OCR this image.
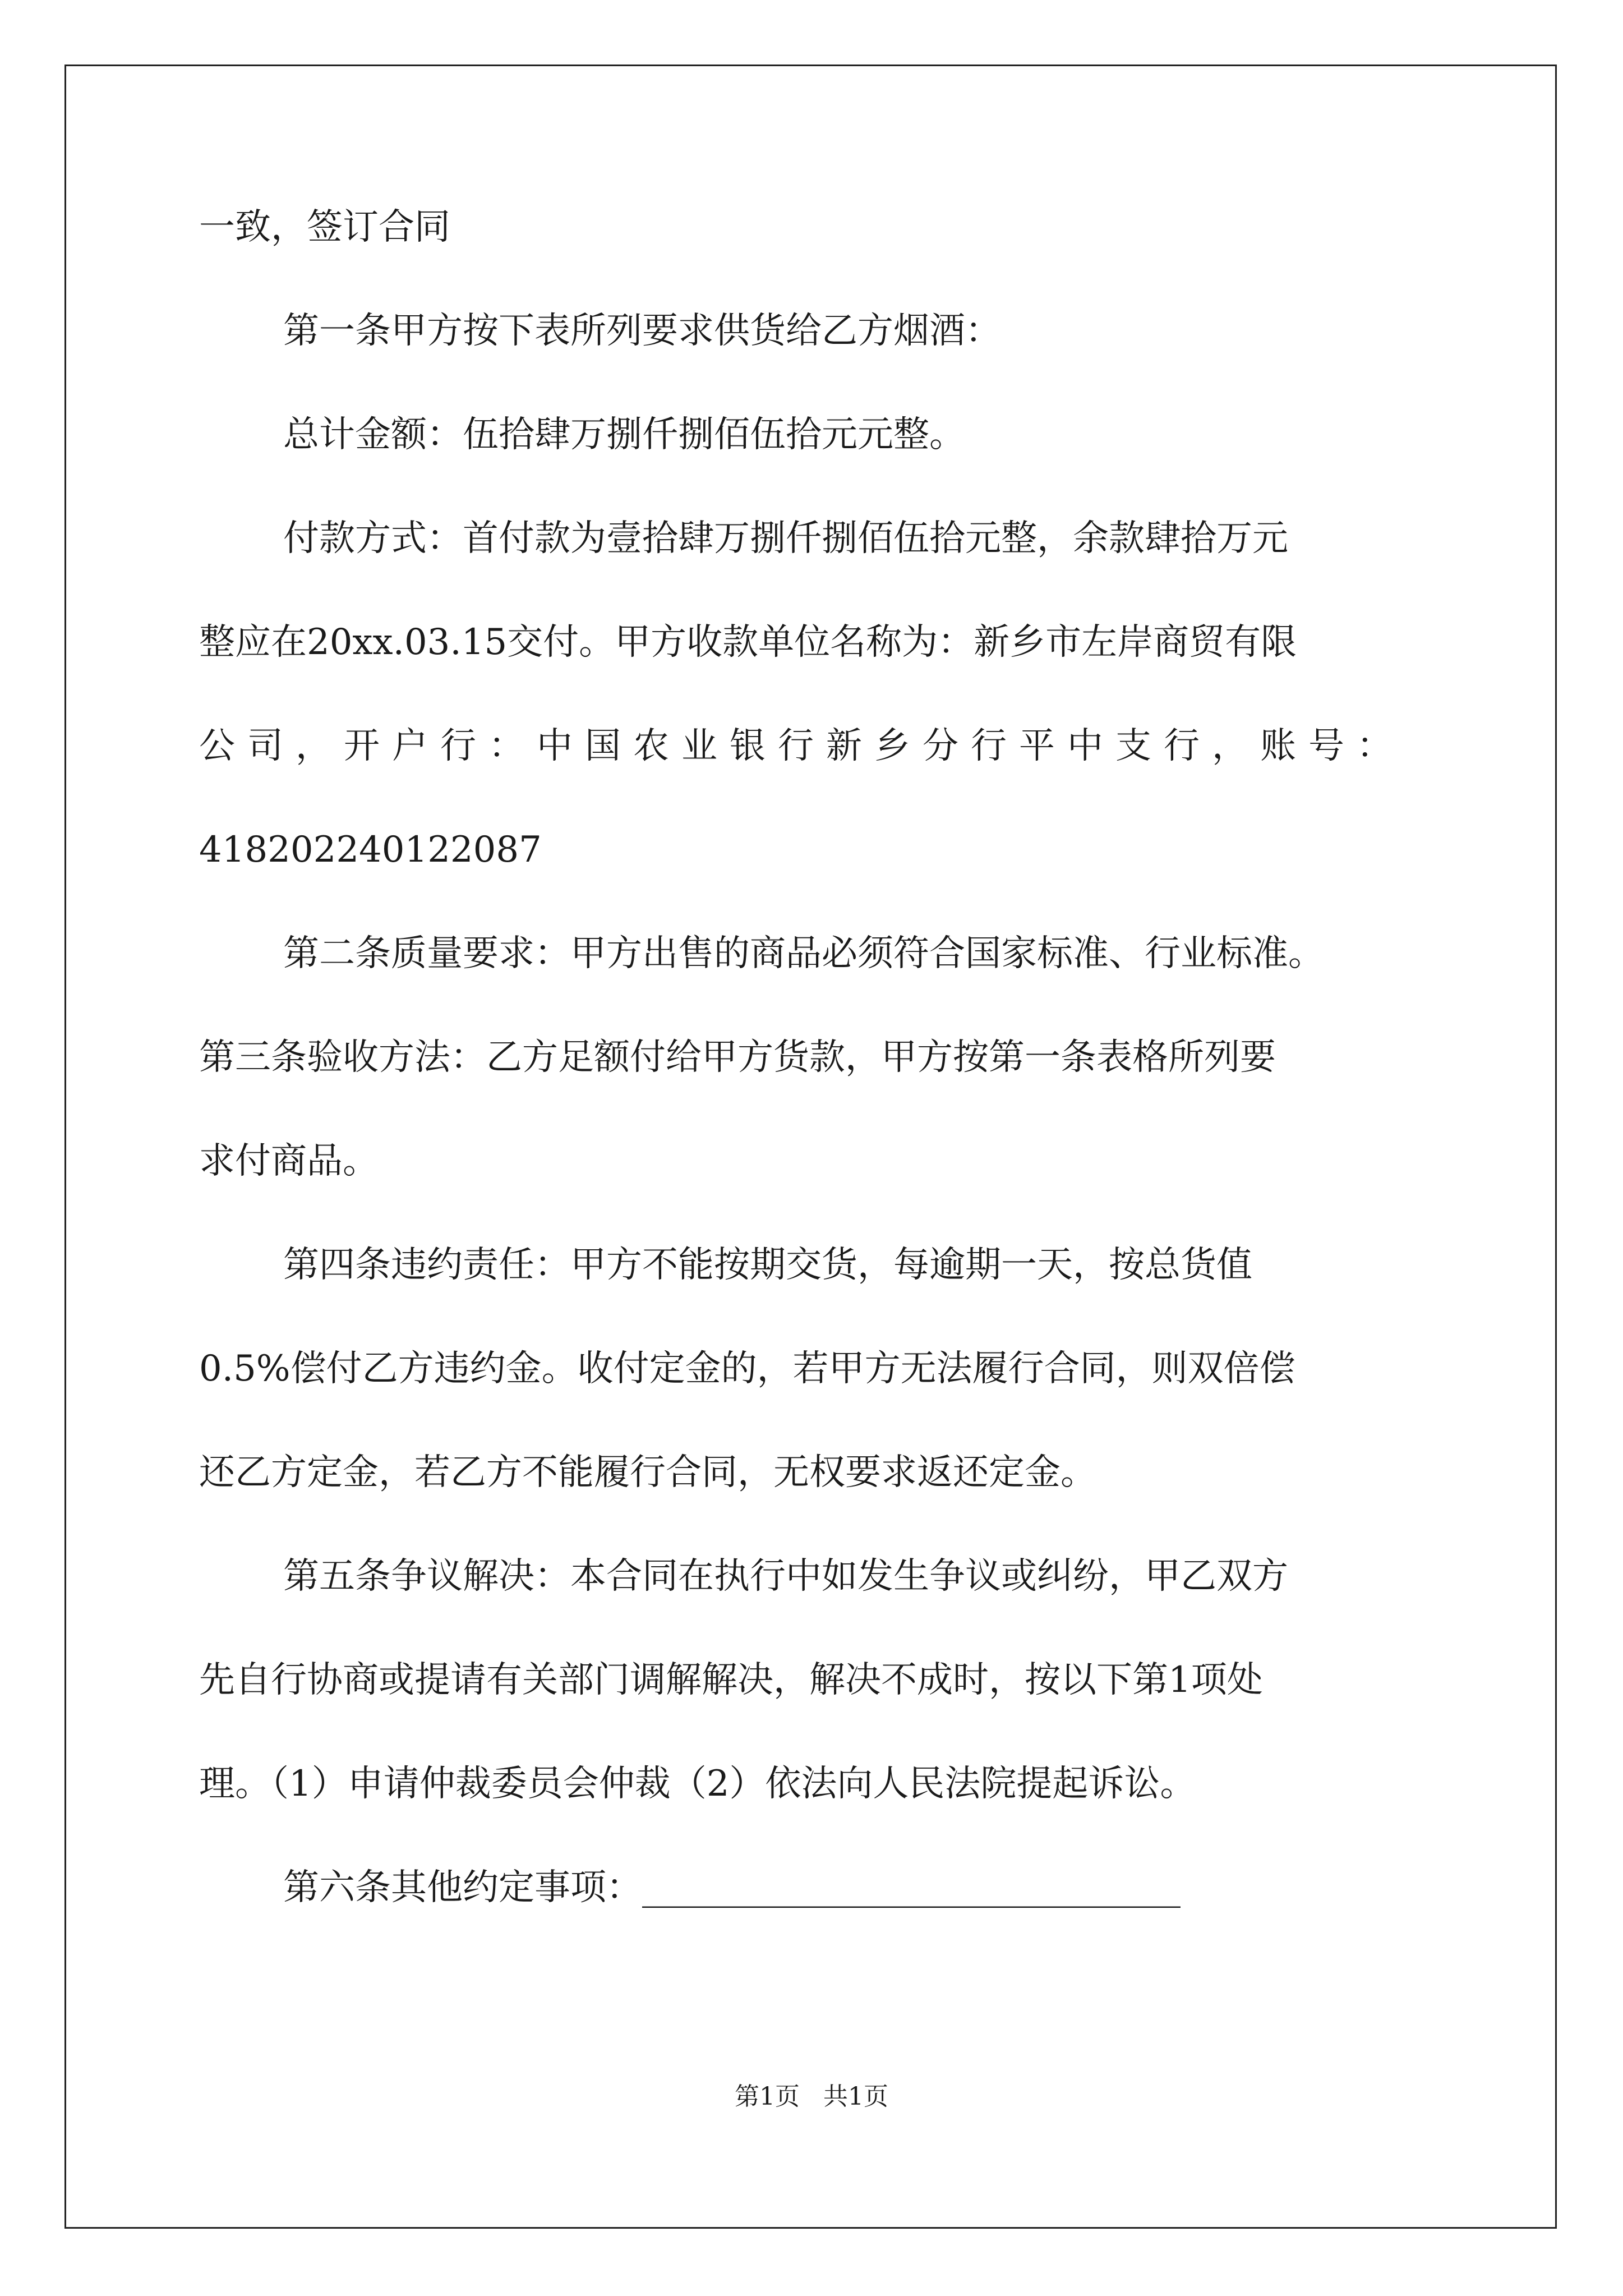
一致，签订合同
第一条甲方按下表所列要求供货给乙方烟酒：
总计金额：伍拾肆万捌仟捌佰伍拾元元整。
付款方式：首付款为壹拾肆万捌仟捌佰伍拾元整，余款肆拾万元
整应在20xx.03.15交付。甲方收款单位名称为：新乡市左岸商贸有限
公司，开户行：中国农业银行新乡分行平中支行，账号：
418202240122087
第二条质量要求：甲方出售的商品必须符合国家标准、行业标准。
第三条验收方法：乙方足额付给甲方货款，甲方按第一条表格所列要
求付商品。
第四条违约责任：甲方不能按期交货，每逾期一天，按总货值
0.5%偿付乙方违约金。收付定金的，若甲方无法履行合同，则双倍偿
还乙方定金，若乙方不能履行合同，无权要求返还定金。
第五条争议解决：本合同在执行中如发生争议或纠纷，甲乙双方
先自行协商或提请有关部门调解解决，解决不成时，按以下第1项处
理。（1）申请仲裁委员会仲裁（2）依法向人民法院提起诉讼。
第六条其他约定事项：______________________________
第1页 共1页
